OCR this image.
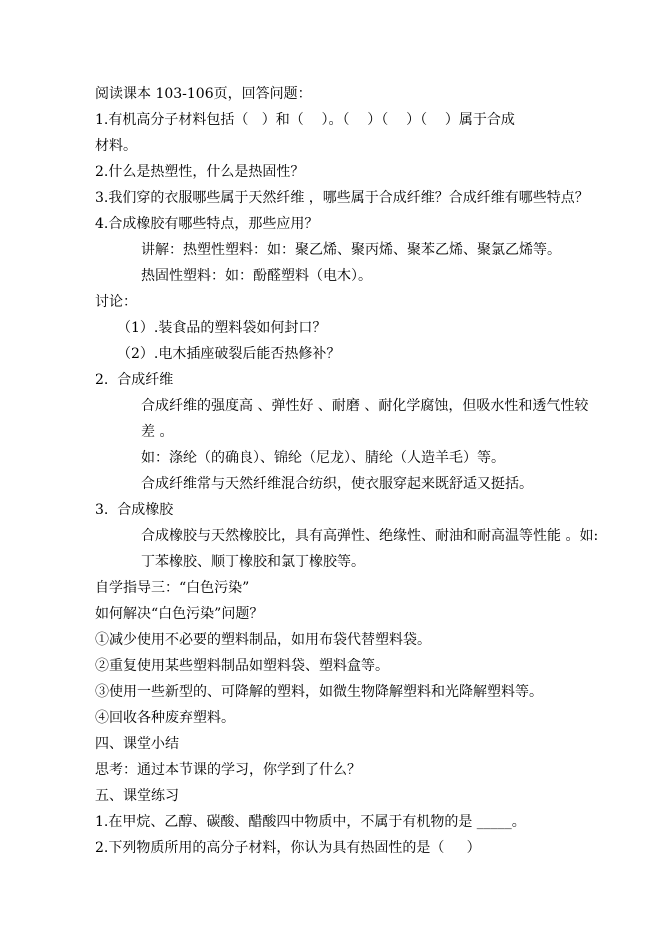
阅读课本 103-106页，回答问题：
1.有机高分子材料包括（   ）和（    ）。（    ）（    ）（    ）属于合成
材料。
2.什么是热塑性，什么是热固性？
3.我们穿的衣服哪些属于天然纤维 ，哪些属于合成纤维？合成纤维有哪些特点？
4.合成橡胶有哪些特点，那些应用？
讲解：热塑性塑料：如：聚乙烯、聚丙烯、聚苯乙烯、聚氯乙烯等。
热固性塑料：如：酚醛塑料（电木）。
讨论：
（1）.装食品的塑料袋如何封口？
（2）.电木插座破裂后能否热修补？
2.  合成纤维
合成纤维的强度高 、弹性好 、耐磨 、耐化学腐蚀，但吸水性和透气性较差 。
如：涤纶（的确良）、锦纶（尼龙）、腈纶（人造羊毛）等。
合成纤维常与天然纤维混合纺织，使衣服穿起来既舒适又挺括。
3.  合成橡胶
合成橡胶与天然橡胶比，具有高弹性、绝缘性、耐油和耐高温等性能 。如:
丁苯橡胶、顺丁橡胶和氯丁橡胶等。
自学指导三：“白色污染”
如何解决“白色污染”问题？
①减少使用不必要的塑料制品，如用布袋代替塑料袋。
②重复使用某些塑料制品如塑料袋、塑料盒等。
③使用一些新型的、可降解的塑料，如微生物降解塑料和光降解塑料等。
④回收各种废弃塑料。
四、课堂小结
思考：通过本节课的学习，你学到了什么？
五、课堂练习
1.在甲烷、乙醇、碳酸、醋酸四中物质中，不属于有机物的是 _____。
2.下列物质所用的高分子材料，你认为具有热固性的是（     ）
